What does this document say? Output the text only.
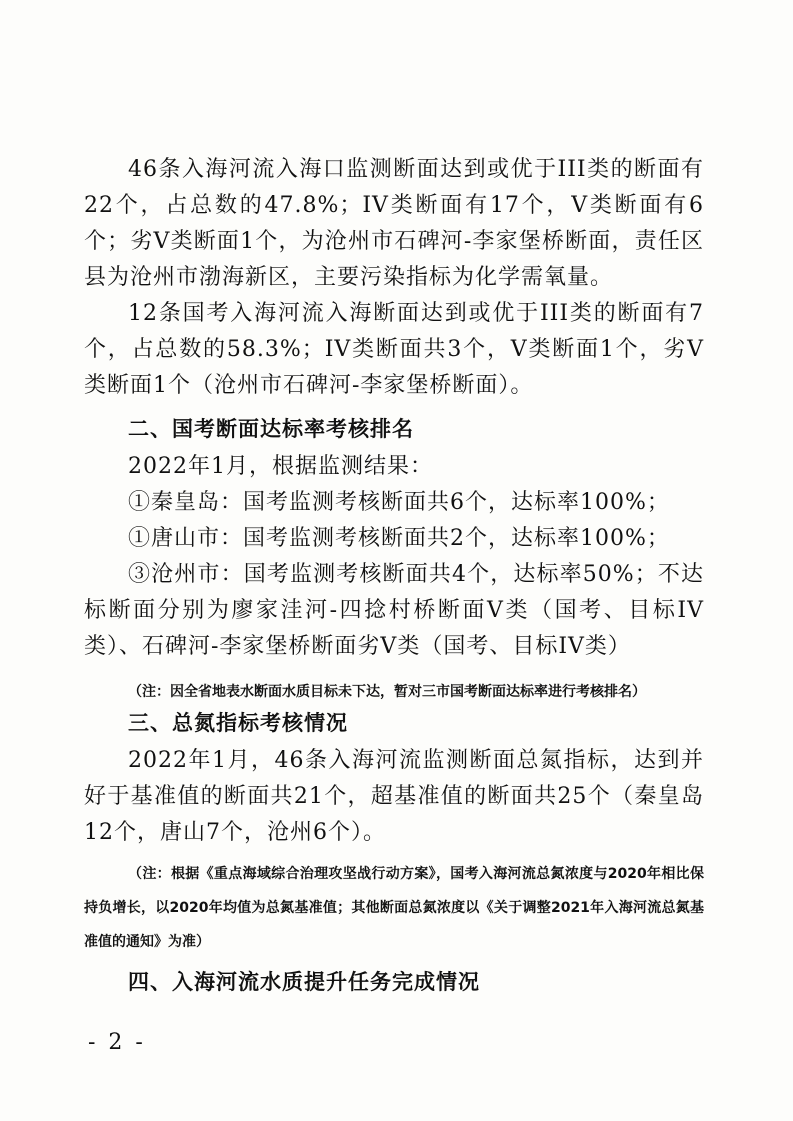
46条入海河流入海口监测断面达到或优于III类的断面有22个，占总数的47.8%；IV类断面有17个，V类断面有6个；劣V类断面1个，为沧州市石碑河-李家堡桥断面，责任区县为沧州市渤海新区，主要污染指标为化学需氧量。

12条国考入海河流入海断面达到或优于III类的断面有7个，占总数的58.3%；IV类断面共3个，V类断面1个，劣V类断面1个（沧州市石碑河-李家堡桥断面）。

二、国考断面达标率考核排名

2022年1月，根据监测结果：

①秦皇岛：国考监测考核断面共6个，达标率100%；

①唐山市：国考监测考核断面共2个，达标率100%；

③沧州市：国考监测考核断面共4个，达标率50%；不达标断面分别为廖家洼河-四捻村桥断面V类（国考、目标IV类）、石碑河-李家堡桥断面劣V类（国考、目标IV类）

（注：因全省地表水断面水质目标未下达，暂对三市国考断面达标率进行考核排名）

三、总氮指标考核情况

2022年1月，46条入海河流监测断面总氮指标，达到并好于基准值的断面共21个，超基准值的断面共25个（秦皇岛12个，唐山7个，沧州6个）。

（注：根据《重点海域综合治理攻坚战行动方案》，国考入海河流总氮浓度与2020年相比保持负增长，以2020年均值为总氮基准值；其他断面总氮浓度以《关于调整2021年入海河流总氮基准值的通知》为准）

四、入海河流水质提升任务完成情况

- 2 -
